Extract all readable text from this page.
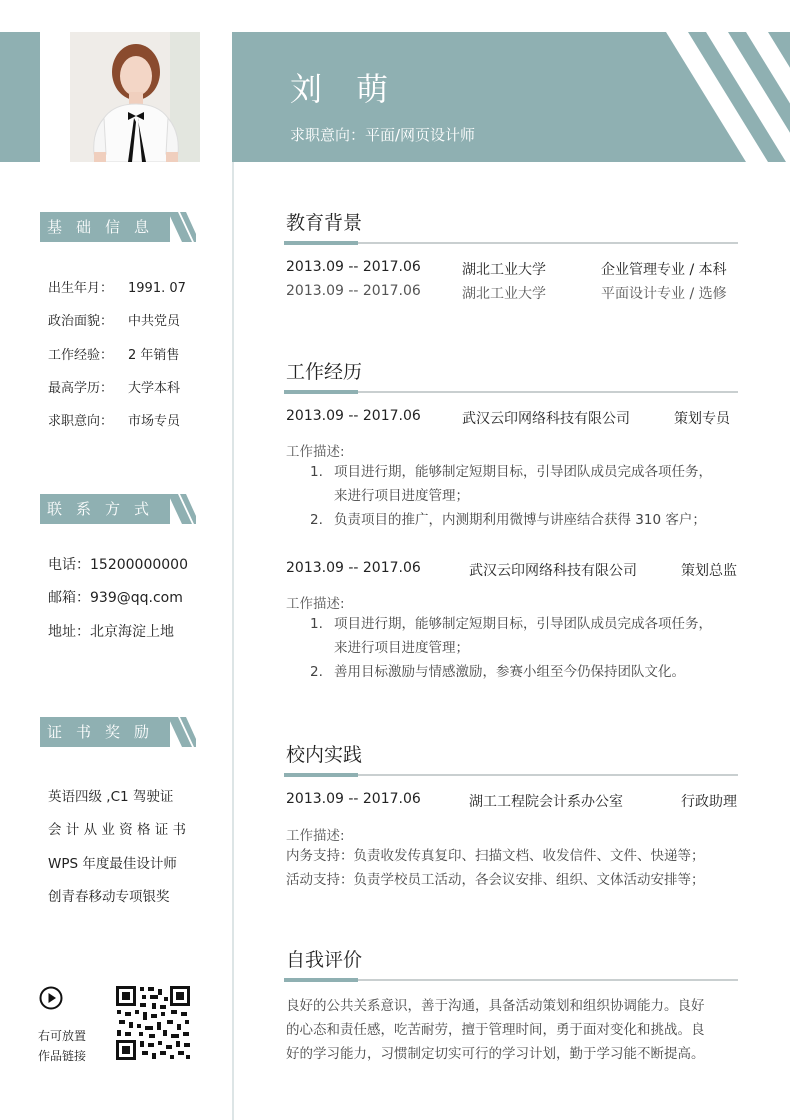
刘 萌
求职意向：平面/网页设计师
基础信息
出生年月： 1991. 07
政治面貌： 中共党员
工作经验： 2 年销售
最高学历： 大学本科
求职意向： 市场专员
联系方式
电话：15200000000
邮箱：939@qq.com
地址：北京海淀上地
证书奖励
英语四级 ,C1 驾驶证
会 计 从 业 资 格 证 书
WPS 年度最佳设计师
创青春移动专项银奖
右可放置
作品链接
教育背景
2013.09 -- 2017.06	湖北工业大学	企业管理专业 / 本科
2013.09 -- 2017.06	湖北工业大学	平面设计专业 / 选修
工作经历
2013.09 -- 2017.06	武汉云印网络科技有限公司	策划专员
工作描述:
1. 项目进行期，能够制定短期目标，引导团队成员完成各项任务，
来进行项目进度管理；
2. 负责项目的推广，内测期利用微博与讲座结合获得 310 客户；
2013.09 -- 2017.06	武汉云印网络科技有限公司	策划总监
工作描述:
1. 项目进行期，能够制定短期目标，引导团队成员完成各项任务，
来进行项目进度管理；
2. 善用目标激励与情感激励，参赛小组至今仍保持团队文化。
校内实践
2013.09 -- 2017.06	湖工工程院会计系办公室	行政助理
工作描述:
内务支持：负责收发传真复印、扫描文档、收发信件、文件、快递等；
活动支持：负责学校员工活动，各会议安排、组织、文体活动安排等；
自我评价
良好的公共关系意识，善于沟通，具备活动策划和组织协调能力。良好
的心态和责任感，吃苦耐劳，擅于管理时间，勇于面对变化和挑战。良
好的学习能力，习惯制定切实可行的学习计划，勤于学习能不断提高。
